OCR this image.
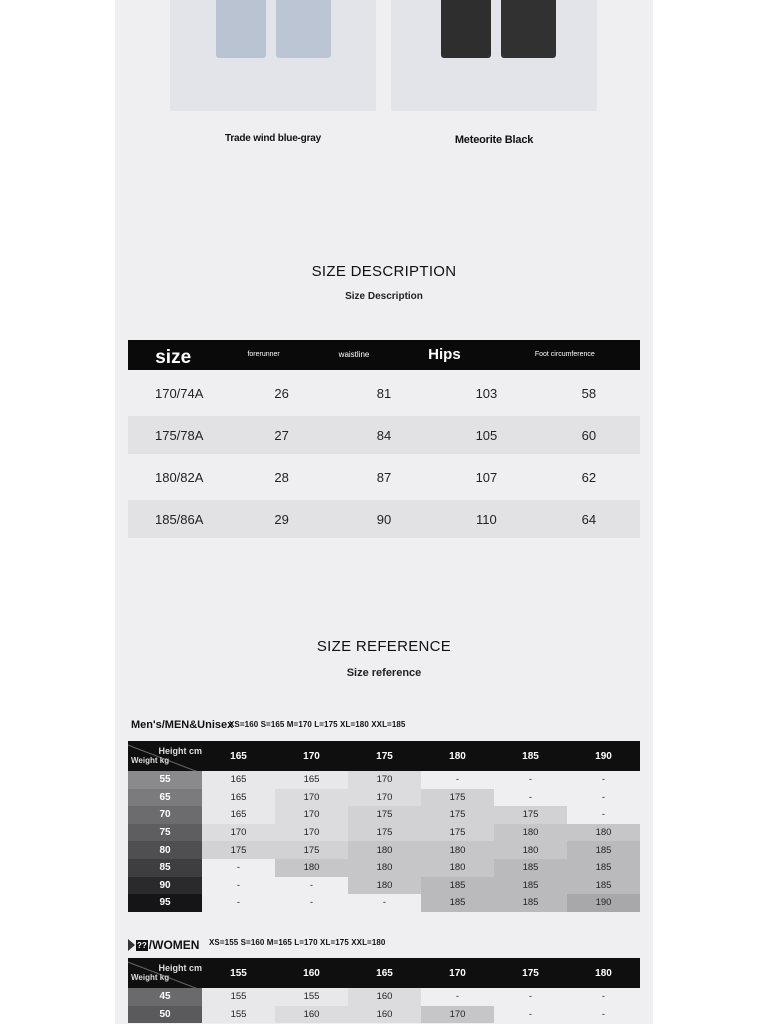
Trade wind blue-gray	Meteorite Black
SIZE DESCRIPTION
Size Description
size	forerunner	waistline	Hips	Foot circumference
170/74A	26	81	103	58
175/78A	27	84	105	60
180/82A	28	87	107	62
185/86A	29	90	110	64
SIZE REFERENCE
Size reference
Men's/MEN&Unisex
XS=160 S=165 M=170 L=175 XL=180 XXL=185
Height cm
Weight kg	165	170	175	180	185	190
55	165	165	170	-	-	-
65	165	170	170	175	-	-
70	165	170	175	175	175	-
75	170	170	175	175	180	180
80	175	175	180	180	180	185
85	-	180	180	180	185	185
90	-	-	180	185	185	185
95	-	-	-	185	185	190
?? /WOMEN XS=155 S=160 M=165 L=170 XL=175 XXL=180
Height cm
Weight kg	155	160	165	170	175	180
45	155	155	160	-	-	-
50	155	160	160	170	-	-
